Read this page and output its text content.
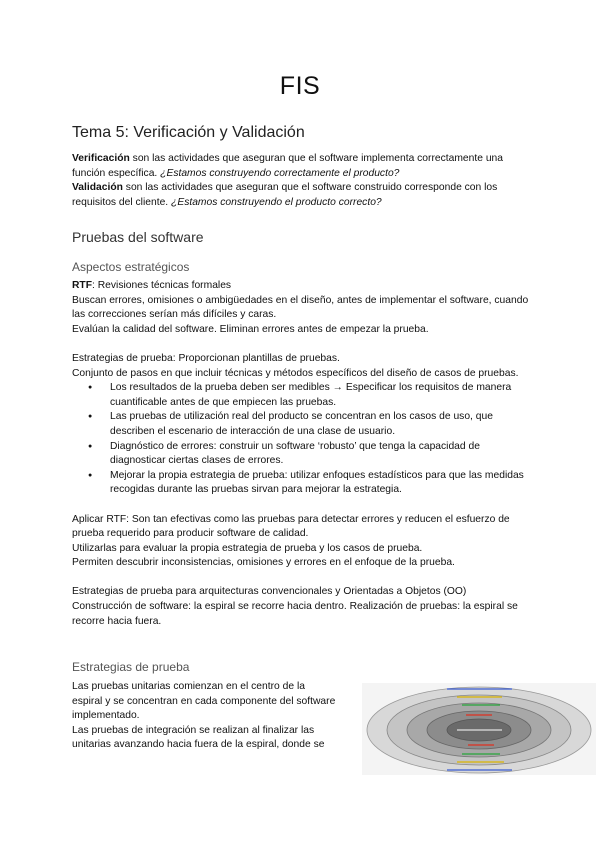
FIS
Tema 5: Verificación y Validación

Verificación son las actividades que aseguran que el software implementa correctamente una función específica. ¿Estamos construyendo correctamente el producto?

Validación son las actividades que aseguran que el software construido corresponde con los requisitos del cliente. ¿Estamos construyendo el producto correcto?

Pruebas del software
Aspectos estratégicos

RTF: Revisiones técnicas formales

Buscan errores, omisiones o ambigüedades en el diseño, antes de implementar el software, cuando las correcciones serían más difíciles y caras.

Evalúan la calidad del software. Eliminan errores antes de empezar la prueba.

Estrategias de prueba: Proporcionan plantillas de pruebas.

Conjunto de pasos en que incluir técnicas y métodos específicos del diseño de casos de pruebas.

● Los resultados de la prueba deben ser medibles → Especificar los requisitos de manera cuantificable antes de que empiecen las pruebas.
● Las pruebas de utilización real del producto se concentran en los casos de uso, que describen el escenario de interacción de una clase de usuario.
● Diagnóstico de errores: construir un software ‘robusto’ que tenga la capacidad de diagnosticar ciertas clases de errores.
● Mejorar la propia estrategia de prueba: utilizar enfoques estadísticos para que las medidas recogidas durante las pruebas sirvan para mejorar la estrategia.

Aplicar RTF: Son tan efectivas como las pruebas para detectar errores y reducen el esfuerzo de prueba requerido para producir software de calidad.

Utilizarlas para evaluar la propia estrategia de prueba y los casos de prueba.

Permiten descubrir inconsistencias, omisiones y errores en el enfoque de la prueba.

Estrategias de prueba para arquitecturas convencionales y Orientadas a Objetos (OO)

Construcción de software: la espiral se recorre hacia dentro. Realización de pruebas: la espiral se recorre hacia fuera.

Estrategias de prueba

Las pruebas unitarias comienzan en el centro de la espiral y se concentran en cada componente del software implementado.

Las pruebas de integración se realizan al finalizar las unitarias avanzando hacia fuera de la espiral, donde se
